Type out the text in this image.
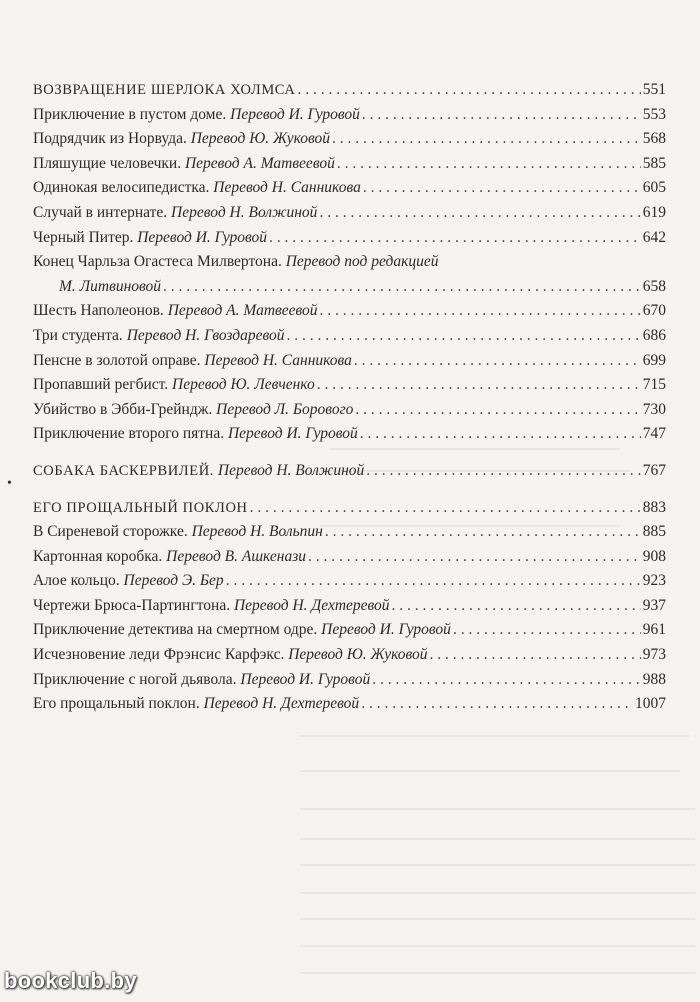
ВОЗВРАЩЕНИЕ ШЕРЛОКА ХОЛМСА . . .	551
Приключение в пустом доме. Перевод И. Гуровой . . .	553
Подрядчик из Норвуда. Перевод Ю. Жуковой . . .	568
Пляшущие человечки. Перевод А. Матвеевой . . .	585
Одинокая велосипедистка. Перевод Н. Санникова . . .	605
Случай в интернате. Перевод Н. Волжиной . . .	619
Черный Питер. Перевод И. Гуровой . . .	642
Конец Чарльза Огастеса Милвертона. Перевод под редакцией
М. Литвиновой . . .	658
Шесть Наполеонов. Перевод А. Матвеевой . . .	670
Три студента. Перевод Н. Гвоздаревой . . .	686
Пенсне в золотой оправе. Перевод Н. Санникова . . .	699
Пропавший регбист. Перевод Ю. Левченко . . .	715
Убийство в Эбби-Грейндж. Перевод Л. Борового . . .	730
Приключение второго пятна. Перевод И. Гуровой . . .	747
СОБАКА БАСКЕРВИЛЕЙ. Перевод Н. Волжиной . . .	767
ЕГО ПРОЩАЛЬНЫЙ ПОКЛОН . . .	883
В Сиреневой сторожке. Перевод Н. Вольпин . . .	885
Картонная коробка. Перевод В. Ашкенази . . .	908
Алое кольцо. Перевод Э. Бер . . .	923
Чертежи Брюса-Партингтона. Перевод Н. Дехтеревой . . .	937
Приключение детектива на смертном одре. Перевод И. Гуровой . . .	961
Исчезновение леди Фрэнсис Карфэкс. Перевод Ю. Жуковой . . .	973
Приключение с ногой дьявола. Перевод И. Гуровой . . .	988
Его прощальный поклон. Перевод Н. Дехтеревой . . .	1007
•
bookclub.by
